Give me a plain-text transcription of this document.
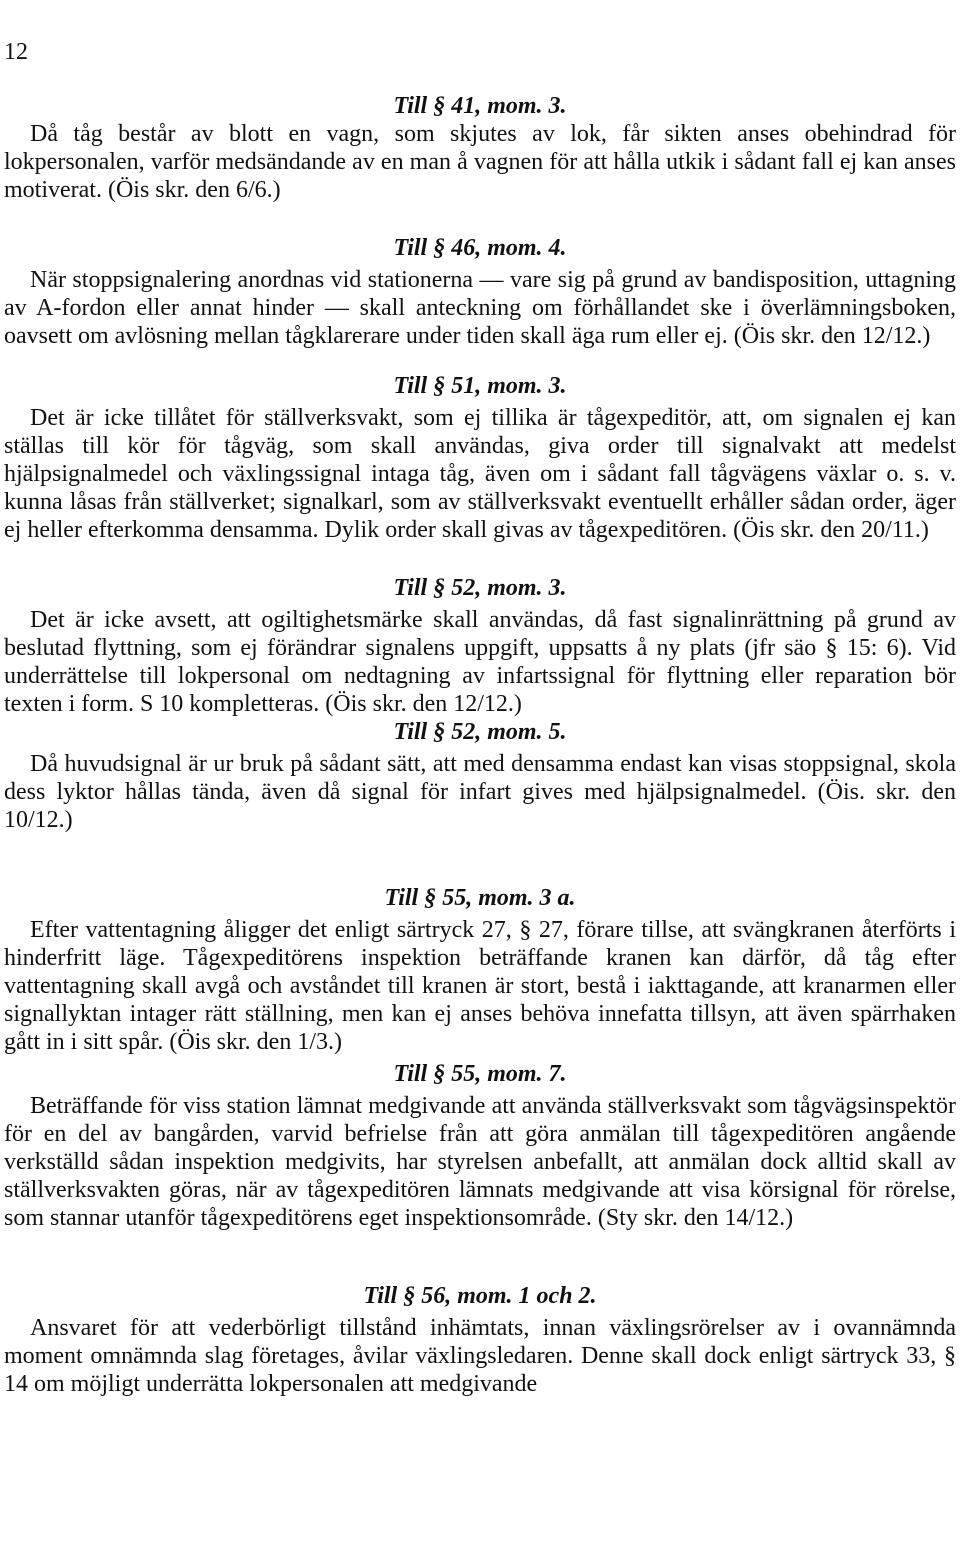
12
Till § 41, mom. 3.

Då tåg består av blott en vagn, som skjutes av lok, får sikten anses obehindrad för lokpersonalen, varför medsändande av en man å vagnen för att hålla utkik i sådant fall ej kan anses motiverat. (Öis skr. den 6/6.)

Till § 46, mom. 4.

När stoppsignalering anordnas vid stationerna — vare sig på grund av bandisposition, uttagning av A-fordon eller annat hinder — skall anteckning om förhållandet ske i överlämningsboken, oavsett om avlösning mellan tågklarerare under tiden skall äga rum eller ej. (Öis skr. den 12/12.)

Till § 51, mom. 3.

Det är icke tillåtet för ställverksvakt, som ej tillika är tågexpeditör, att, om signalen ej kan ställas till kör för tågväg, som skall användas, giva order till signalvakt att medelst hjälpsignalmedel och växlingssignal intaga tåg, även om i sådant fall tågvägens växlar o. s. v. kunna låsas från ställverket; signalkarl, som av ställverksvakt eventuellt erhåller sådan order, äger ej heller efterkomma densamma. Dylik order skall givas av tågexpeditören. (Öis skr. den 20/11.)

Till § 52, mom. 3.

Det är icke avsett, att ogiltighetsmärke skall användas, då fast signalinrättning på grund av beslutad flyttning, som ej förändrar signalens uppgift, uppsatts å ny plats (jfr säo § 15: 6). Vid underrättelse till lokpersonal om nedtagning av infartssignal för flyttning eller reparation bör texten i form. S 10 kompletteras. (Öis skr. den 12/12.)

Till § 52, mom. 5.

Då huvudsignal är ur bruk på sådant sätt, att med densamma endast kan visas stoppsignal, skola dess lyktor hållas tända, även då signal för infart gives med hjälpsignalmedel. (Öis. skr. den 10/12.)

Till § 55, mom. 3 a.

Efter vattentagning åligger det enligt särtryck 27, § 27, förare tillse, att svängkranen återförts i hinderfritt läge. Tågexpeditörens inspektion beträffande kranen kan därför, då tåg efter vattentagning skall avgå och avståndet till kranen är stort, bestå i iakttagande, att kranarmen eller signallyktan intager rätt ställning, men kan ej anses behöva innefatta tillsyn, att även spärrhaken gått in i sitt spår. (Öis skr. den 1/3.)

Till § 55, mom. 7.

Beträffande för viss station lämnat medgivande att använda ställverksvakt som tågvägsinspektör för en del av bangården, varvid befrielse från att göra anmälan till tågexpeditören angående verkställd sådan inspektion medgivits, har styrelsen anbefallt, att anmälan dock alltid skall av ställverksvakten göras, när av tågexpeditören lämnats medgivande att visa körsignal för rörelse, som stannar utanför tågexpeditörens eget inspektionsområde. (Sty skr. den 14/12.)

Till § 56, mom. 1 och 2.

Ansvaret för att vederbörligt tillstånd inhämtats, innan växlingsrörelser av i ovannämnda moment omnämnda slag företages, åvilar växlingsledaren. Denne skall dock enligt särtryck 33, § 14 om möjligt underrätta lokpersonalen att medgivande
